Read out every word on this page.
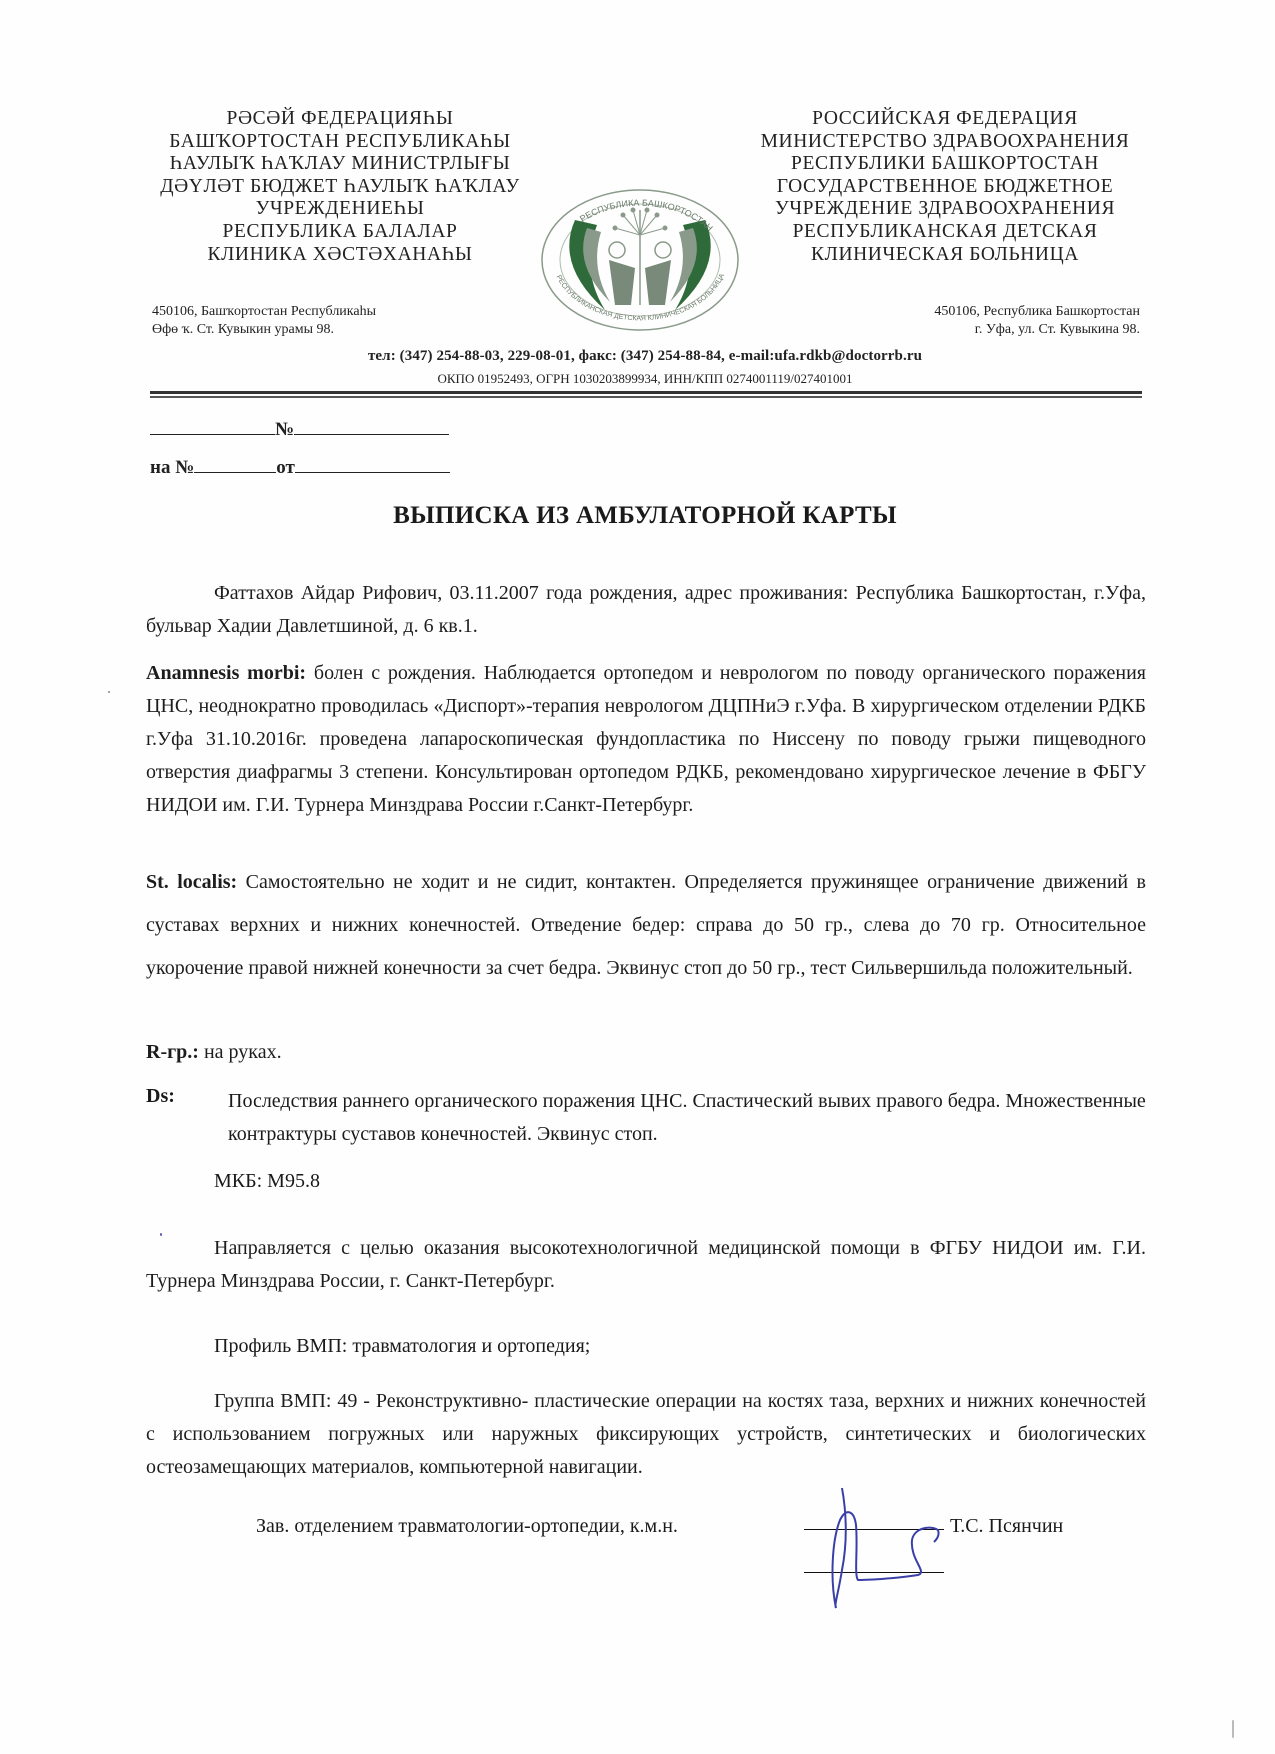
РӘСӘЙ ФЕДЕРАЦИЯҺЫ
БАШҠОРТОСТАН РЕСПУБЛИКАҺЫ
ҺАУЛЫҠ ҺАҠЛАУ МИНИСТРЛЫҒЫ
ДӘҮЛӘТ БЮДЖЕТ ҺАУЛЫҠ ҺАҠЛАУ
УЧРЕЖДЕНИЕҺЫ
РЕСПУБЛИКА БАЛАЛАР
КЛИНИКА ХӘСТӘХАНАҺЫ
РЕСПУБЛИКА БАШКОРТОСТАН
РЕСПУБЛИКАНСКАЯ ДЕТСКАЯ КЛИНИЧЕСКАЯ БОЛЬНИЦА
РОССИЙСКАЯ ФЕДЕРАЦИЯ
МИНИСТЕРСТВО ЗДРАВООХРАНЕНИЯ
РЕСПУБЛИКИ БАШКОРТОСТАН
ГОСУДАРСТВЕННОЕ БЮДЖЕТНОЕ
УЧРЕЖДЕНИЕ ЗДРАВООХРАНЕНИЯ
РЕСПУБЛИКАНСКАЯ ДЕТСКАЯ
КЛИНИЧЕСКАЯ БОЛЬНИЦА
450106, Башҡортостан Республикаһы
Өфө ҡ. Ст. Кувыкин урамы 98.
450106, Республика Башкортостан
г. Уфа, ул. Ст. Кувыкина 98.
тел: (347) 254-88-03, 229-08-01, факс: (347) 254-88-84, e-mail:ufa.rdkb@doctorrb.ru
ОКПО 01952493, ОГРН 1030203899934, ИНН/КПП 0274001119/027401001
№
на №	от
ВЫПИСКА ИЗ АМБУЛАТОРНОЙ КАРТЫ
Фаттахов Айдар Рифович, 03.11.2007 года рождения, адрес проживания: Республика Башкортостан, г.Уфа, бульвар Хадии Давлетшиной, д. 6 кв.1.
Anamnesis morbi: болен с рождения. Наблюдается ортопедом и неврологом по поводу органического поражения ЦНС, неоднократно проводилась «Диспорт»-терапия неврологом ДЦПНиЭ г.Уфа. В хирургическом отделении РДКБ г.Уфа 31.10.2016г. проведена лапароскопическая фундопластика по Ниссену по поводу грыжи пищеводного отверстия диафрагмы 3 степени. Консультирован ортопедом РДКБ, рекомендовано хирургическое лечение в ФБГУ НИДОИ им. Г.И. Турнера Минздрава России г.Санкт-Петербург.
St. localis: Самостоятельно не ходит и не сидит, контактен. Определяется пружинящее ограничение движений в суставах верхних и нижних конечностей. Отведение бедер: справа до 50 гр., слева до 70 гр. Относительное укорочение правой нижней конечности за счет бедра. Эквинус стоп до 50 гр., тест Сильвершильда положительный.
R-гр.: на руках.
Ds:	Последствия раннего органического поражения ЦНС. Спастический вывих правого бедра. Множественные контрактуры суставов конечностей. Эквинус стоп.
МКБ: М95.8
Направляется с целью оказания высокотехнологичной медицинской помощи в ФГБУ НИДОИ им. Г.И. Турнера Минздрава России, г. Санкт-Петербург.
Профиль ВМП: травматология и ортопедия;
Группа ВМП: 49 - Реконструктивно- пластические операции на костях таза, верхних и нижних конечностей с использованием погружных или наружных фиксирующих устройств, синтетических и биологических остеозамещающих материалов, компьютерной навигации.
Зав. отделением травматологии-ортопедии, к.м.н.	Т.С. Псянчин
